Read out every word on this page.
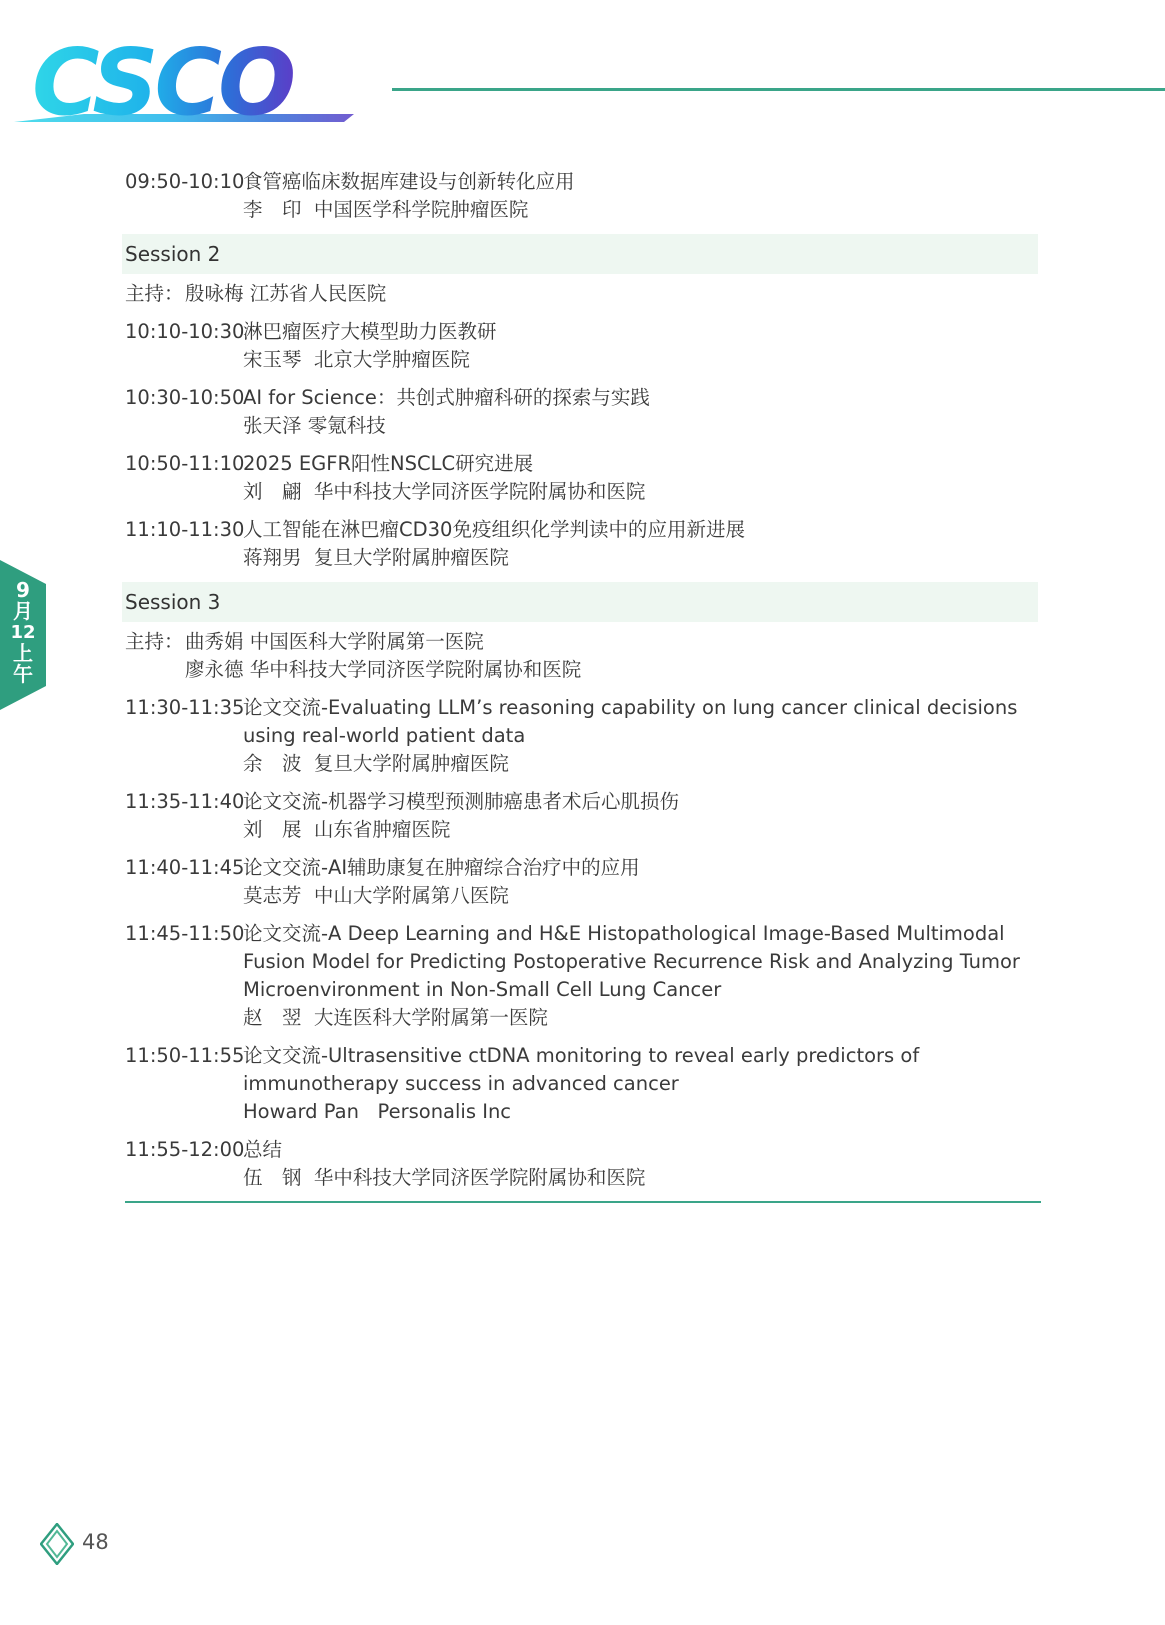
CSCO
9
月
12
上
午
09:50-10:10
食管癌临床数据库建设与创新转化应用
李　印  中国医学科学院肿瘤医院
Session 2
主持： 殷咏梅 江苏省人民医院
10:10-10:30
淋巴瘤医疗大模型助力医教研
宋玉琴  北京大学肿瘤医院
10:30-10:50
AI for Science：共创式肿瘤科研的探索与实践
张天泽 零氪科技
10:50-11:10
2025 EGFR阳性NSCLC研究进展
刘　翩  华中科技大学同济医学院附属协和医院
11:10-11:30
人工智能在淋巴瘤CD30免疫组织化学判读中的应用新进展
蒋翔男  复旦大学附属肿瘤医院
Session 3
主持： 曲秀娟 中国医科大学附属第一医院
廖永德 华中科技大学同济医学院附属协和医院
11:30-11:35
论文交流-Evaluating LLM’s reasoning capability on lung cancer clinical decisions using real-world patient data
余　波  复旦大学附属肿瘤医院
11:35-11:40
论文交流-机器学习模型预测肺癌患者术后心肌损伤
刘　展  山东省肿瘤医院
11:40-11:45
论文交流-AI辅助康复在肿瘤综合治疗中的应用
莫志芳  中山大学附属第八医院
11:45-11:50
论文交流-A Deep Learning and H&E Histopathological Image-Based Multimodal Fusion Model for Predicting Postoperative Recurrence Risk and Analyzing Tumor Microenvironment in Non-Small Cell Lung Cancer
赵　翌  大连医科大学附属第一医院
11:50-11:55
论文交流-Ultrasensitive ctDNA monitoring to reveal early predictors of immunotherapy success in advanced cancer
Howard Pan   Personalis Inc
11:55-12:00
总结
伍　钢  华中科技大学同济医学院附属协和医院
48
